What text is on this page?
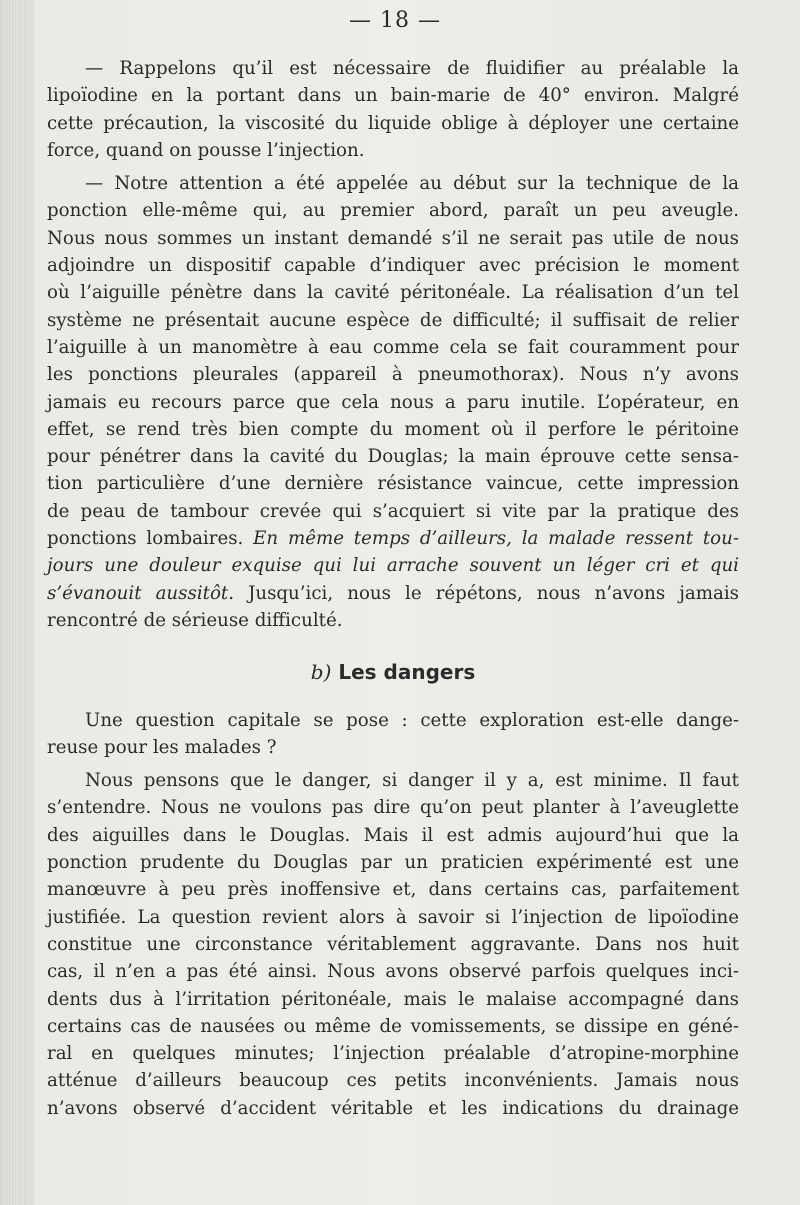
— 18 —

— Rappelons qu’il est nécessaire de fluidifier au préalable la
lipoïodine en la portant dans un bain-marie de 40° environ. Malgré
cette précaution, la viscosité du liquide oblige à déployer une certaine
force, quand on pousse l’injection.

— Notre attention a été appelée au début sur la technique de la
ponction elle-même qui, au premier abord, paraît un peu aveugle.
Nous nous sommes un instant demandé s’il ne serait pas utile de nous
adjoindre un dispositif capable d’indiquer avec précision le moment
où l’aiguille pénètre dans la cavité péritonéale. La réalisation d’un tel
système ne présentait aucune espèce de difficulté; il suffisait de relier
l’aiguille à un manomètre à eau comme cela se fait couramment pour
les ponctions pleurales (appareil à pneumothorax). Nous n’y avons
jamais eu recours parce que cela nous a paru inutile. L’opérateur, en
effet, se rend très bien compte du moment où il perfore le péritoine
pour pénétrer dans la cavité du Douglas; la main éprouve cette sensa-
tion particulière d’une dernière résistance vaincue, cette impression
de peau de tambour crevée qui s’acquiert si vite par la pratique des
ponctions lombaires. En même temps d’ailleurs, la malade ressent tou-
jours une douleur exquise qui lui arrache souvent un léger cri et qui
s’évanouit aussitôt. Jusqu’ici, nous le répétons, nous n’avons jamais
rencontré de sérieuse difficulté.

b) Les dangers

Une question capitale se pose : cette exploration est-elle dange-
reuse pour les malades ?

Nous pensons que le danger, si danger il y a, est minime. Il faut
s’entendre. Nous ne voulons pas dire qu’on peut planter à l’aveuglette
des aiguilles dans le Douglas. Mais il est admis aujourd’hui que la
ponction prudente du Douglas par un praticien expérimenté est une
manœuvre à peu près inoffensive et, dans certains cas, parfaitement
justifiée. La question revient alors à savoir si l’injection de lipoïodine
constitue une circonstance véritablement aggravante. Dans nos huit
cas, il n’en a pas été ainsi. Nous avons observé parfois quelques inci-
dents dus à l’irritation péritonéale, mais le malaise accompagné dans
certains cas de nausées ou même de vomissements, se dissipe en géné-
ral en quelques minutes; l’injection préalable d’atropine-morphine
atténue d’ailleurs beaucoup ces petits inconvénients. Jamais nous
n’avons observé d’accident véritable et les indications du drainage
